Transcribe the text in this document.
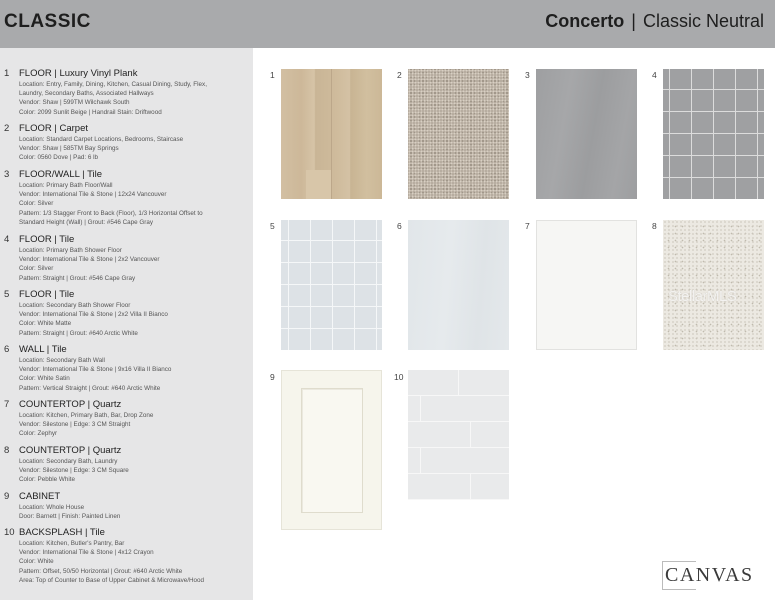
CLASSIC	Concerto | Classic Neutral
1 FLOOR | Luxury Vinyl Plank
Location: Entry, Family, Dining, Kitchen, Casual Dining, Study, Flex,
Laundry, Secondary Baths, Associated Hallways
Vendor: Shaw | 599TM Wilchawk South
Color: 2099 Sunlit Beige | Handrail Stain: Driftwood
2 FLOOR | Carpet
Location: Standard Carpet Locations, Bedrooms, Staircase
Vendor: Shaw | 585TM Bay Springs
Color: 0560 Dove | Pad: 6 lb
3 FLOOR/WALL | Tile
Location: Primary Bath Floor/Wall
Vendor: International Tile & Stone | 12x24 Vancouver
Color: Silver
Pattern: 1/3 Stagger Front to Back (Floor), 1/3 Horizontal Offset to
Standard Height (Wall) | Grout: #546 Cape Gray
4 FLOOR | Tile
Location: Primary Bath Shower Floor
Vendor: International Tile & Stone | 2x2 Vancouver
Color: Silver
Pattern: Straight | Grout: #546 Cape Gray
5 FLOOR | Tile
Location: Secondary Bath Shower Floor
Vendor: International Tile & Stone | 2x2 Villa II Bianco
Color: White Matte
Pattern: Straight | Grout: #640 Arctic White
6 WALL | Tile
Location: Secondary Bath Wall
Vendor: International Tile & Stone | 9x16 Villa II Bianco
Color: White Satin
Pattern: Vertical Straight | Grout: #640 Arctic White
7 COUNTERTOP | Quartz
Location: Kitchen, Primary Bath, Bar, Drop Zone
Vendor: Silestone | Edge: 3 CM Straight
Color: Zephyr
8 COUNTERTOP | Quartz
Location: Secondary Bath, Laundry
Vendor: Silestone | Edge: 3 CM Square
Color: Pebble White
9 CABINET
Location: Whole House
Door: Barnett | Finish: Painted Linen
10 BACKSPLASH | Tile
Location: Kitchen, Butler's Pantry, Bar
Vendor: International Tile & Stone | 4x12 Crayon
Color: White
Pattern: Offset, 50/50 Horizontal | Grout: #640 Arctic White
Area: Top of Counter to Base of Upper Cabinet & Microwave/Hood
1	2	3	4
5	6	7	8
StellarMLS
9	10
CANVAS
